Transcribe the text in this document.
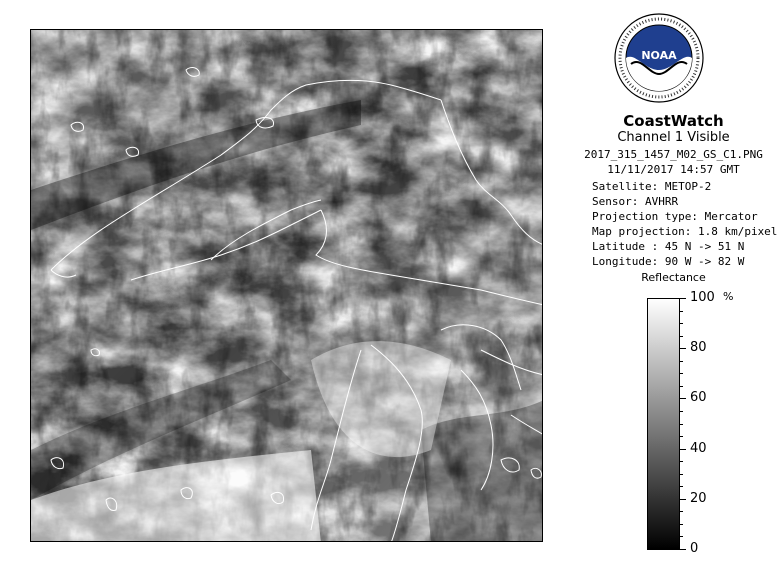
NOAA
CoastWatch
Channel 1 Visible
2017_315_1457_M02_GS_C1.PNG
11/11/2017 14:57 GMT
Satellite: METOP-2
Sensor: AVHRR
Projection type: Mercator
Map projection: 1.8 km/pixel
Latitude : 45 N -> 51 N
Longitude: 90 W -> 82 W
Reflectance
%
100
80
60
40
20
0
